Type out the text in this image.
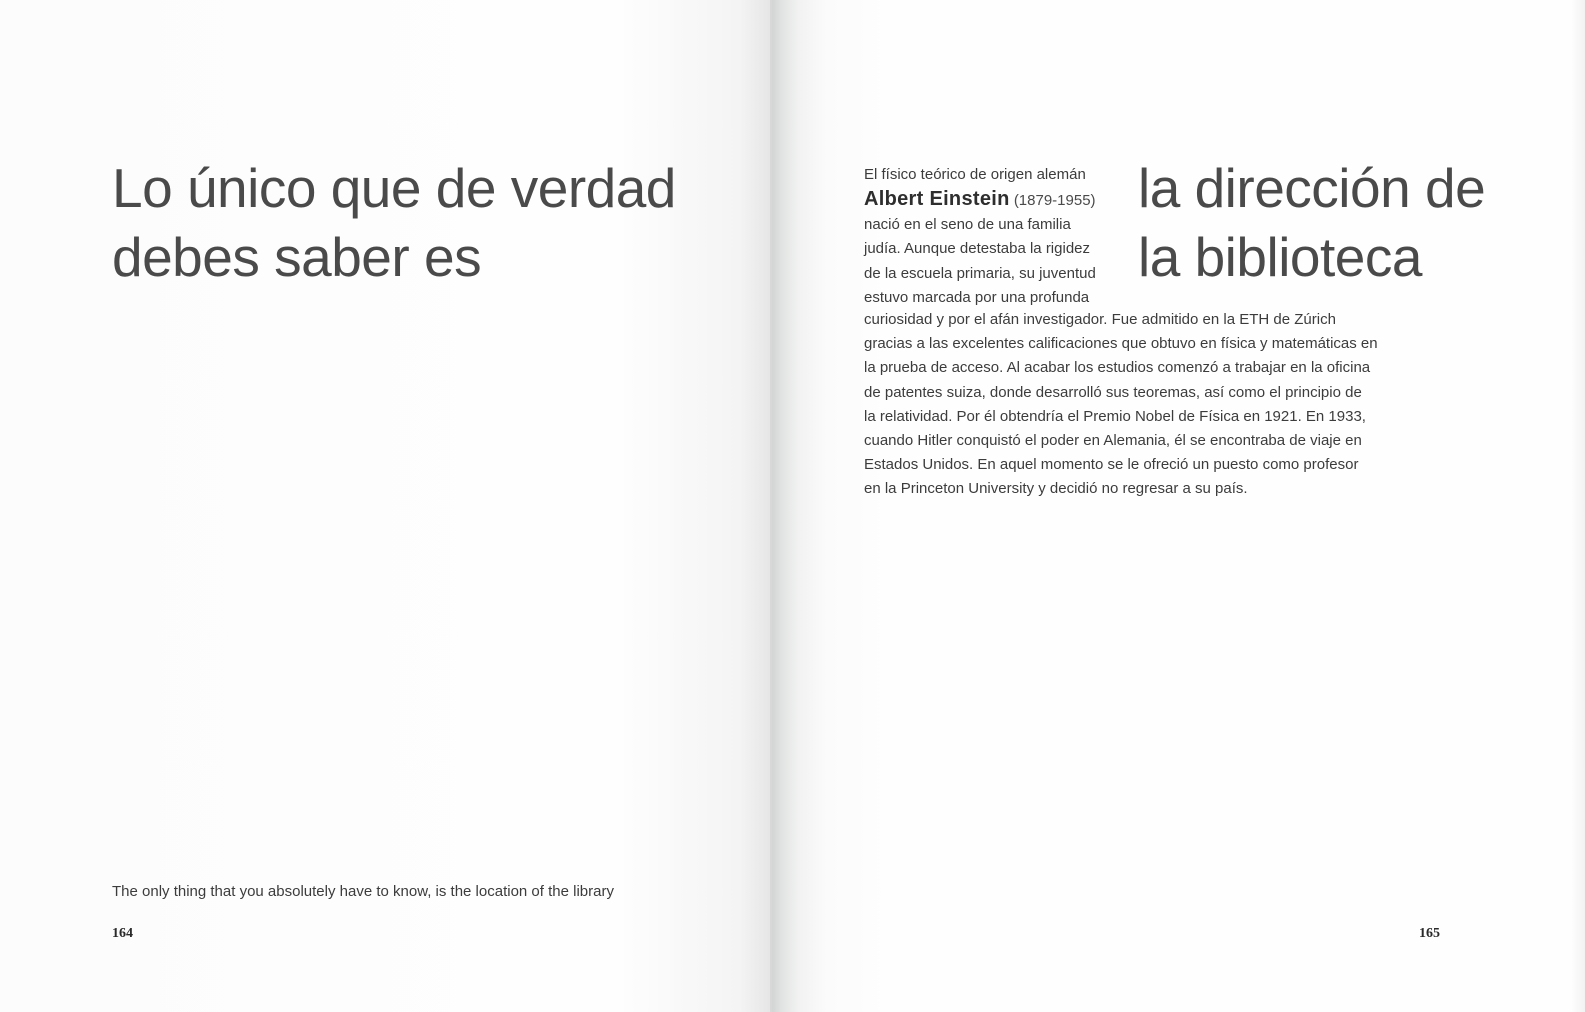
Lo único que de verdad
debes saber es
The only thing that you absolutely have to know, is the location of the library
164
la dirección de
la biblioteca
El físico teórico de origen alemán
Albert Einstein (1879-1955)
nació en el seno de una familia
judía. Aunque detestaba la rigidez
de la escuela primaria, su juventud
estuvo marcada por una profunda
curiosidad y por el afán investigador. Fue admitido en la ETH de Zúrich
gracias a las excelentes calificaciones que obtuvo en física y matemáticas en
la prueba de acceso. Al acabar los estudios comenzó a trabajar en la oficina
de patentes suiza, donde desarrolló sus teoremas, así como el principio de
la relatividad. Por él obtendría el Premio Nobel de Física en 1921. En 1933,
cuando Hitler conquistó el poder en Alemania, él se encontraba de viaje en
Estados Unidos. En aquel momento se le ofreció un puesto como profesor
en la Princeton University y decidió no regresar a su país.
165
